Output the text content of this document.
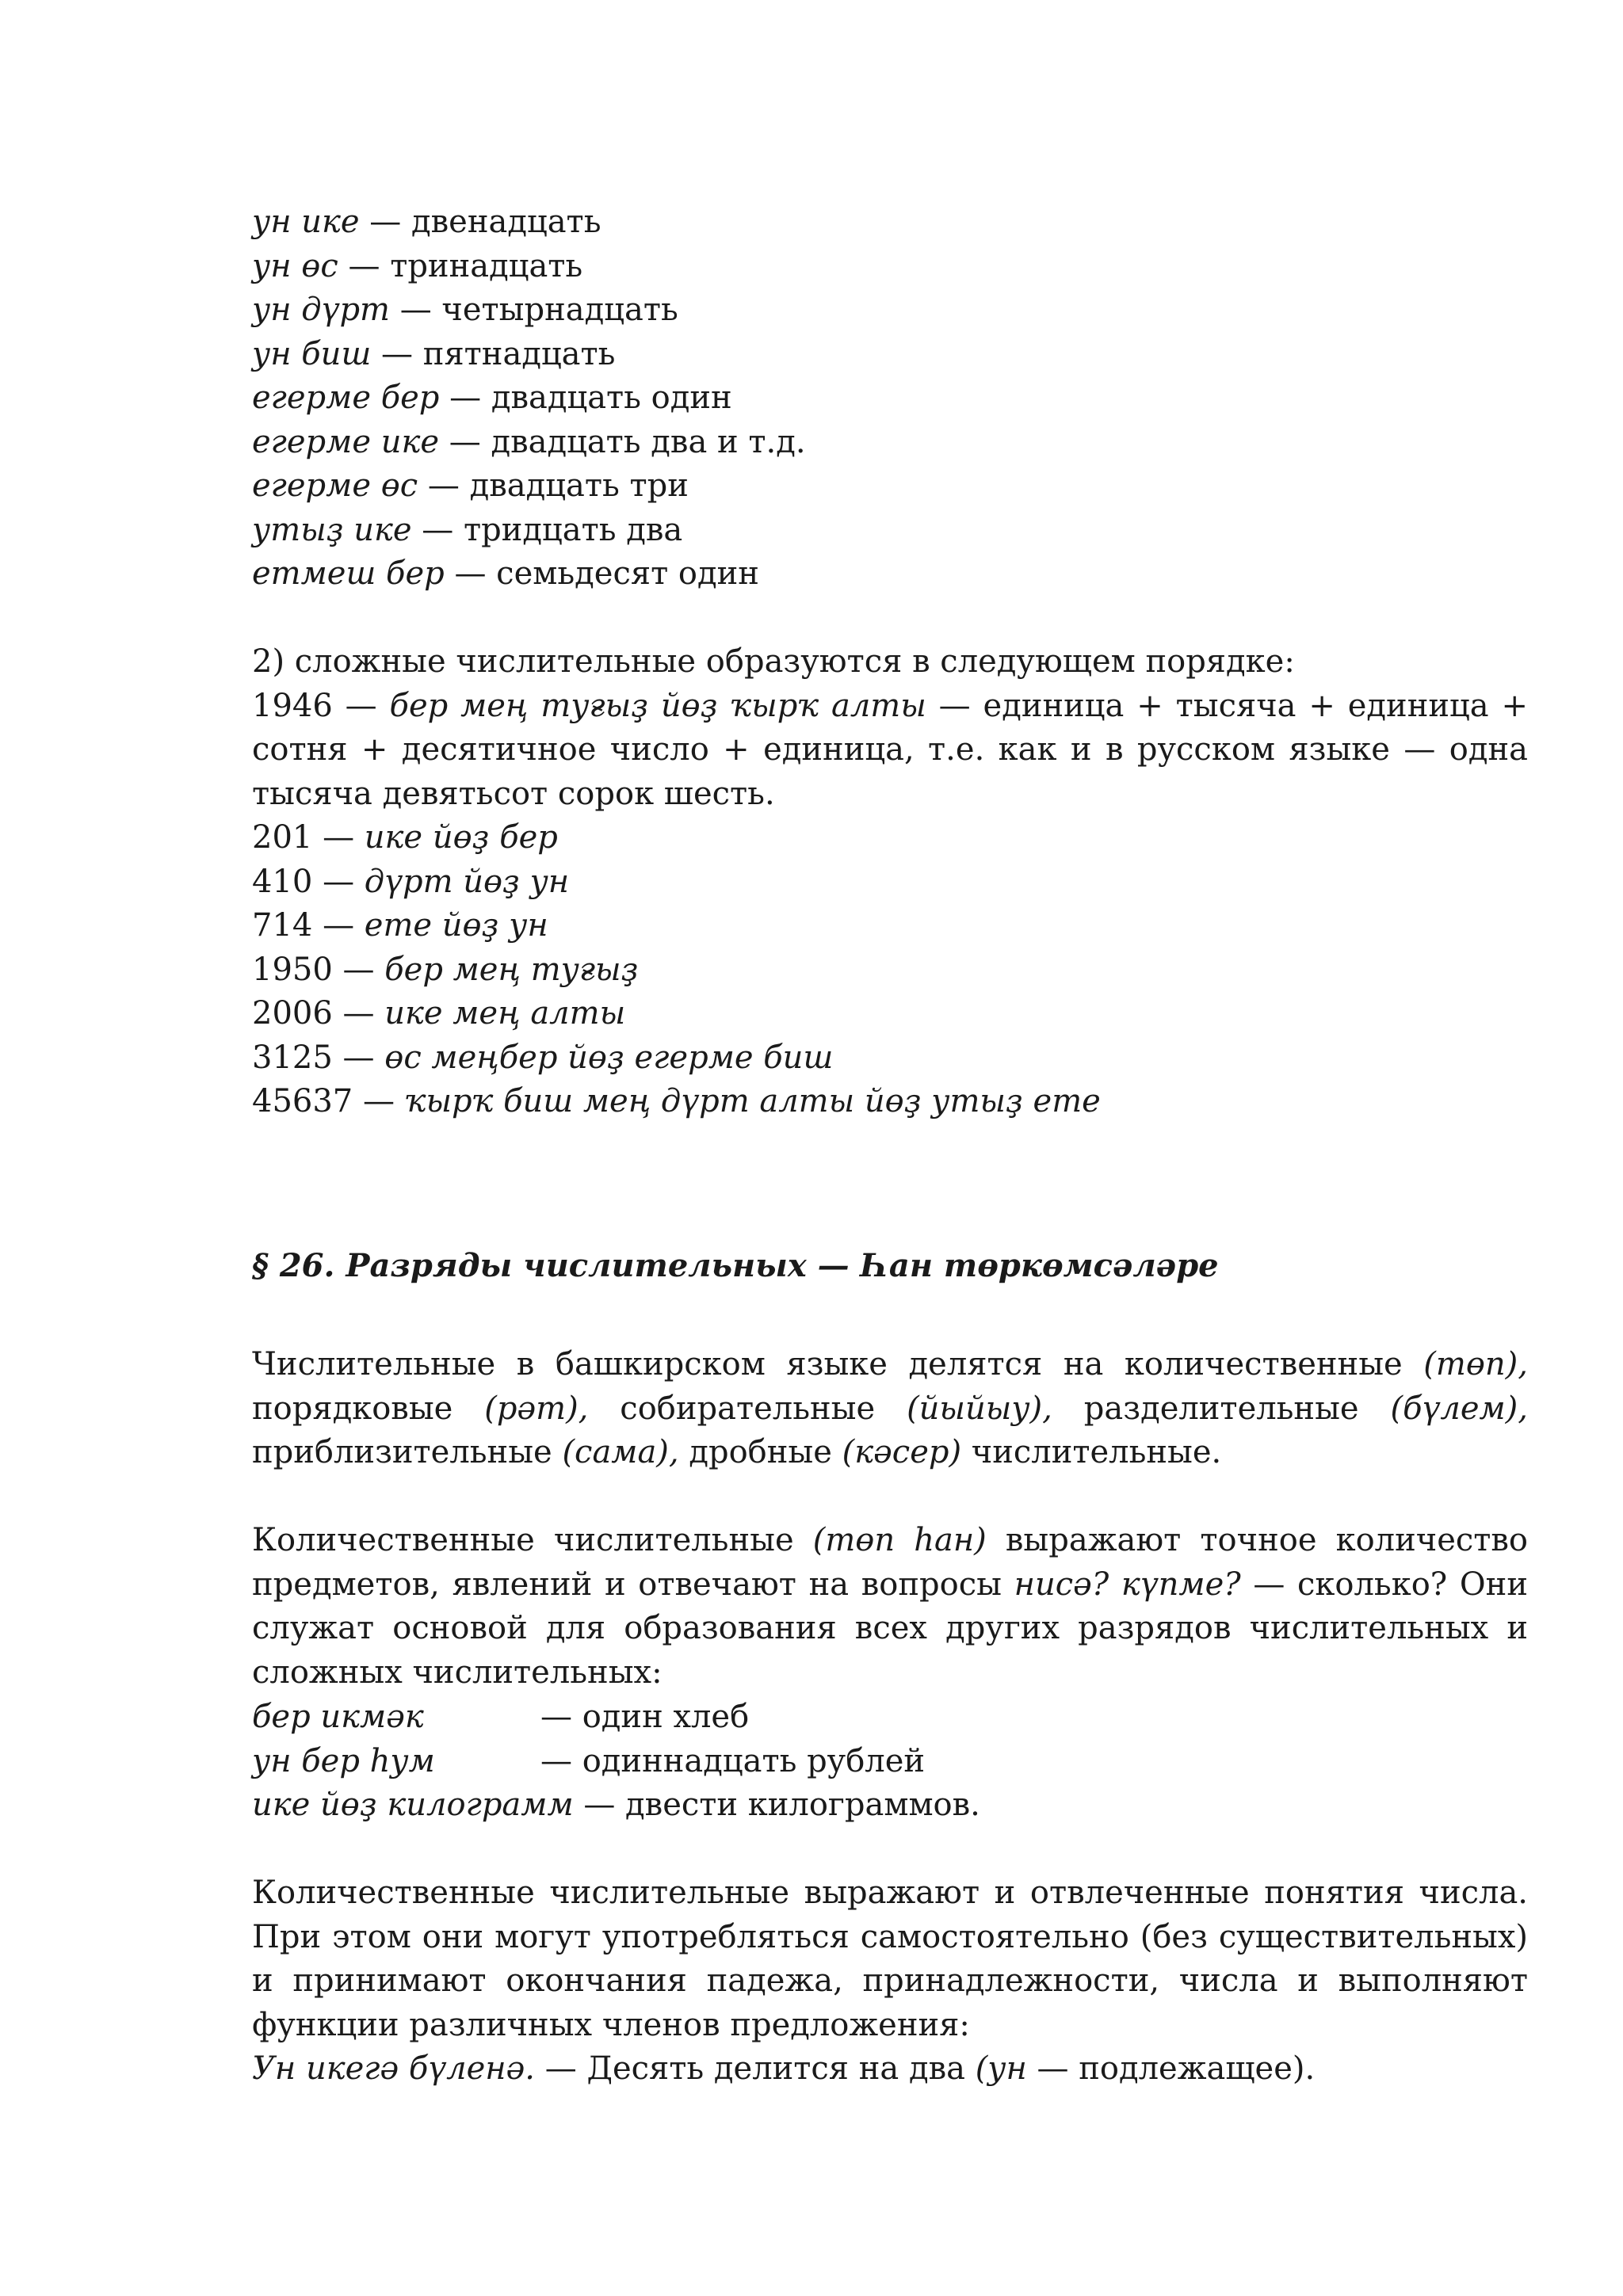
ун ике — двенадцать
ун өс — тринадцать
ун дүрт — четырнадцать
ун биш — пятнадцать
егерме бер — двадцать один
егерме ике — двадцать два и т.д.
егерме өс — двадцать три
утыҙ ике — тридцать два
етмеш бер — семьдесят один
2) сложные числительные образуются в следующем порядке:
1946 — бер мең туғыҙ йөҙ ҡырҡ алты — единица + тысяча + единица + сотня + десятичное число + единица, т.е. как и в русском языке — одна тысяча девятьсот сорок шесть.
201 — ике йөҙ бер
410 — дүрт йөҙ ун
714 — ете йөҙ ун
1950 — бер мең туғыҙ
2006 — ике мең алты
3125 — өс меңбер йөҙ егерме биш
45637 — ҡырҡ биш мең дүрт алты йөҙ утыҙ ете
§ 26. Разряды числительных — Һан төркөмсәләре
Числительные в башкирском языке делятся на количественные (төп), порядковые (рәт), собирательные (йыйыу), разделительные (бүлем), приблизительные (сама), дробные (кәсер) числительные.
Количественные числительные (төп һан) выражают точное количество предметов, явлений и отвечают на вопросы нисә? күпме? — сколько? Они служат основой для образования всех других разрядов числительных и сложных числительных:
бер икмәк	— один хлеб
ун бер һум	— одиннадцать рублей
ике йөҙ килограмм — двести килограммов.
Количественные числительные выражают и отвлеченные понятия числа. При этом они могут употребляться самостоятельно (без существительных) и принимают окончания падежа, принадлежности, числа и выполняют функции различных членов предложения:
Ун икегә бүленә. — Десять делится на два (ун — подлежащее).
